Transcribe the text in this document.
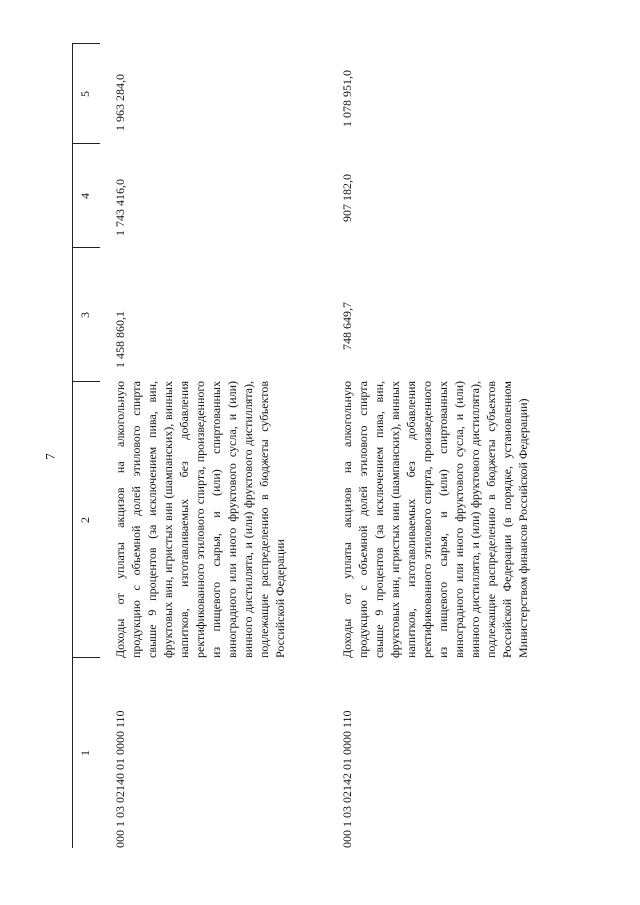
7
1
2
3
4
5
000 1 03 02140 01 0000 110
Доходы от уплаты акцизов на алкогольную продукцию с объемной долей этилового спирта свыше 9 процентов (за исключением пива, вин, фруктовых вин, игристых вин (шампанских), винных напитков, изготавливаемых без добавления ректификованного этилового спирта, произведенного из пищевого сырья, и (или) спиртованных виноградного или иного фруктового сусла, и (или) винного дистиллята, и (или) фруктового дистиллята), подлежащие распределению в бюджеты субъектов Российской Федерации
1 458 860,1
1 743 416,0
1 963 284,0
000 1 03 02142 01 0000 110
Доходы от уплаты акцизов на алкогольную продукцию с объемной долей этилового спирта свыше 9 процентов (за исключением пива, вин, фруктовых вин, игристых вин (шампанских), винных напитков, изготавливаемых без добавления ректификованного этилового спирта, произведенного из пищевого сырья, и (или) спиртованных виноградного или иного фруктового сусла, и (или) винного дистиллята, и (или) фруктового дистиллята), подлежащие распределению в бюджеты субъектов Российской Федерации (в порядке, установленном Министерством финансов Российской Федерации)
748 649,7
907 182,0
1 078 951,0
